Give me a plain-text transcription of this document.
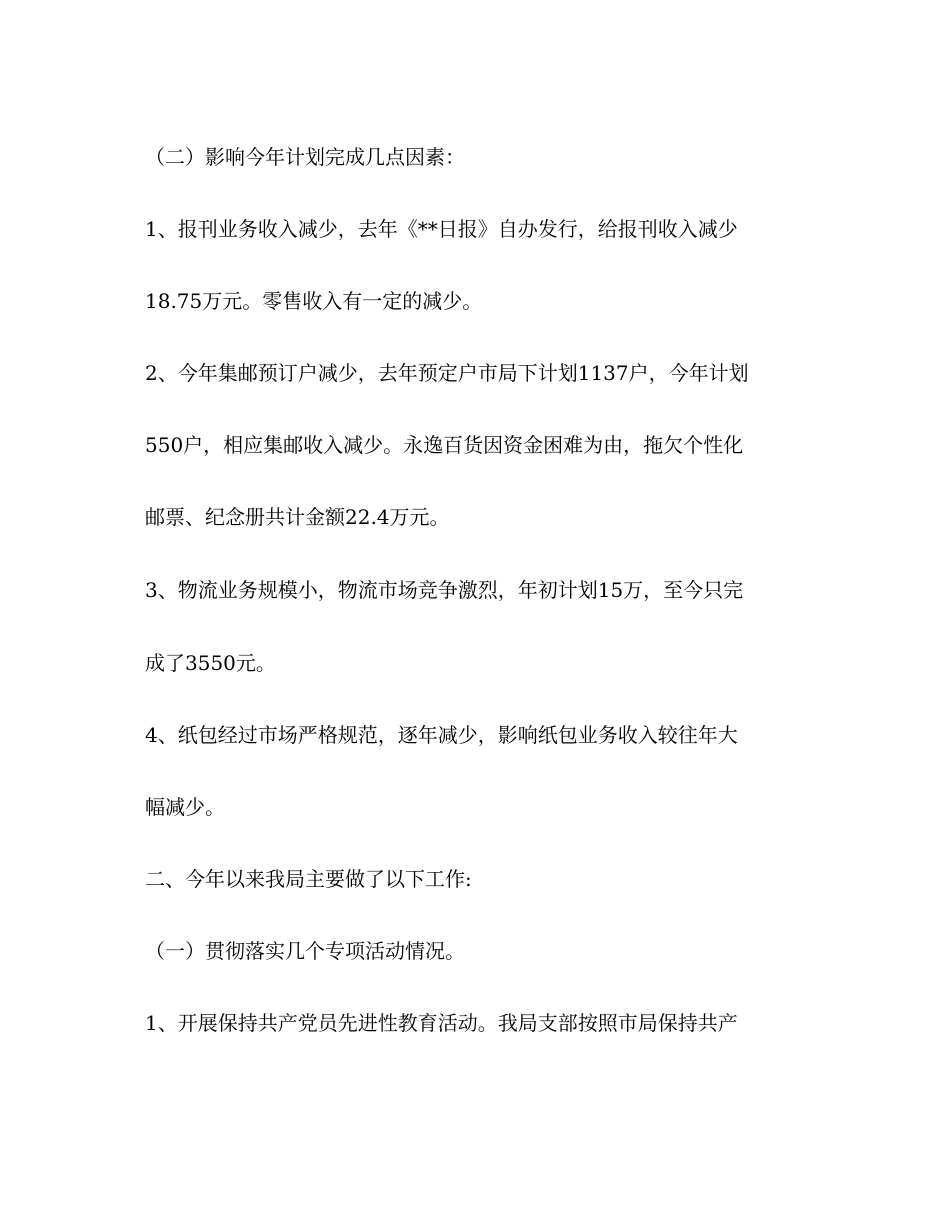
（二）影响今年计划完成几点因素：
1、报刊业务收入减少，去年《**日报》自办发行，给报刊收入减少
18.75万元。零售收入有一定的减少。
2、今年集邮预订户减少，去年预定户市局下计划1137户，今年计划
550户，相应集邮收入减少。永逸百货因资金困难为由，拖欠个性化
邮票、纪念册共计金额22.4万元。
3、物流业务规模小，物流市场竞争激烈，年初计划15万，至今只完
成了3550元。
4、纸包经过市场严格规范，逐年减少，影响纸包业务收入较往年大
幅减少。
二、今年以来我局主要做了以下工作:
（一）贯彻落实几个专项活动情况。
1、开展保持共产党员先进性教育活动。我局支部按照市局保持共产
